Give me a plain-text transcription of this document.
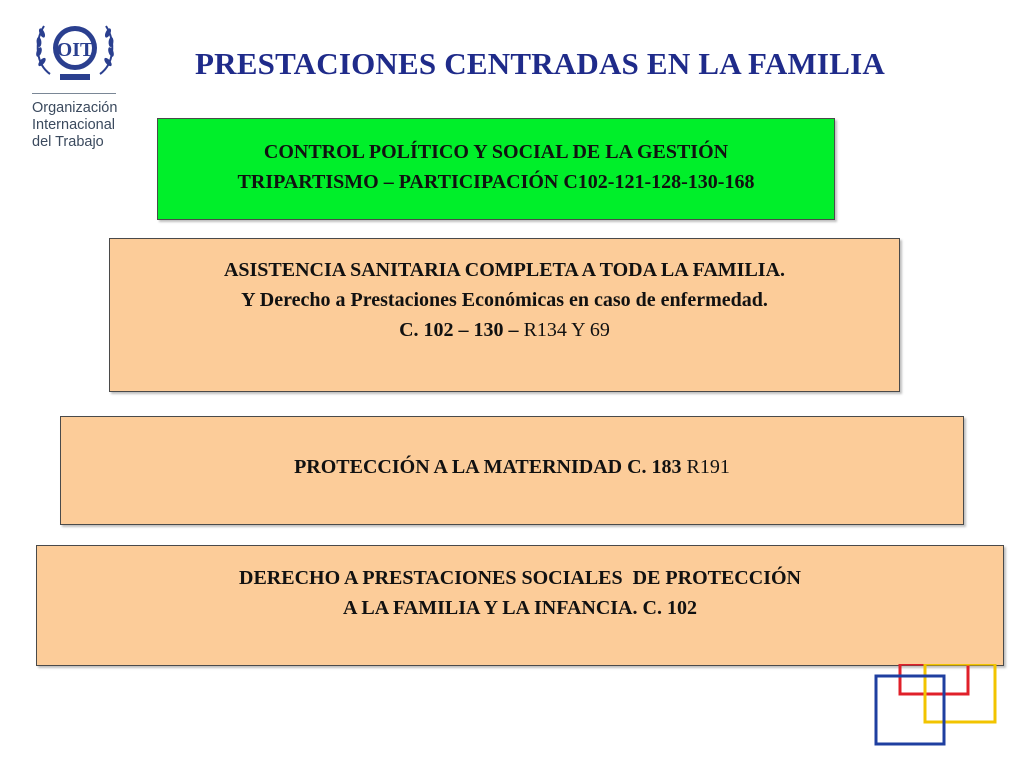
OIT
Organización
Internacional
del Trabajo
PRESTACIONES CENTRADAS EN LA FAMILIA
CONTROL POLÍTICO Y SOCIAL DE LA GESTIÓN
TRIPARTISMO – PARTICIPACIÓN C102-121-128-130-168
ASISTENCIA SANITARIA COMPLETA A TODA LA FAMILIA.
Y Derecho a Prestaciones Económicas en caso de enfermedad.
C. 102 – 130 – R134 Y 69
PROTECCIÓN A LA MATERNIDAD C. 183 R191
DERECHO A PRESTACIONES SOCIALES  DE PROTECCIÓN
A LA FAMILIA Y LA INFANCIA. C. 102
